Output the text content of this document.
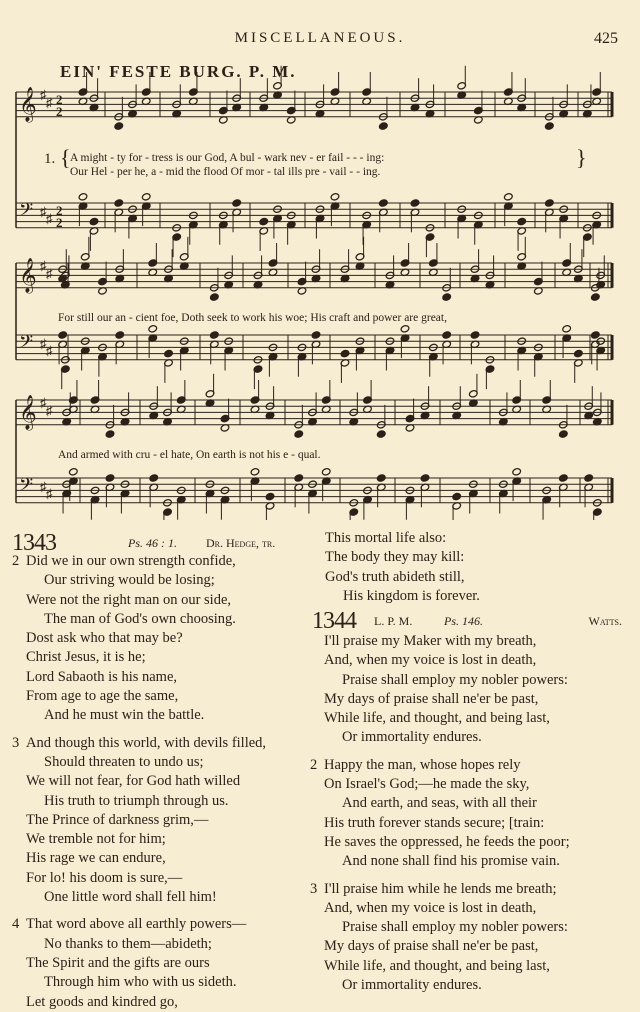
MISCELLANEOUS.	425
EIN' FESTE BURG. P. M.
𝄞 ♯
♯ 2
2
𝄢 ♯ ♯
2
2
𝄞 ♯
♯
𝄢 ♯ ♯
𝄞 ♯
♯
𝄢 ♯ ♯
1. { A might - ty for - tress is our God, A bul - wark nev - er fail - - - ing:
Our Hel - per he, a - mid the flood Of mor - tal ills pre - vail - - ing.
}
For still our an - cient foe, Doth seek to work his woe; His craft and power are great,
And armed with cru - el hate, On earth is not his e - qual.
1343	Ps. 46 : 1. Dr. Hedge, tr.
2 Did we in our own strength confide,
Our striving would be losing;
Were not the right man on our side,
The man of God's own choosing.
Dost ask who that may be?
Christ Jesus, it is he;
Lord Sabaoth is his name,
From age to age the same,
And he must win the battle.
3 And though this world, with devils filled,
Should threaten to undo us;
We will not fear, for God hath willed
His truth to triumph through us.
The Prince of darkness grim,—
We tremble not for him;
His rage we can endure,
For lo! his doom is sure,—
One little word shall fell him!
4 That word above all earthly powers—
No thanks to them—abideth;
The Spirit and the gifts are ours
Through him who with us sideth.
Let goods and kindred go,
This mortal life also:
The body they may kill:
God's truth abideth still,
His kingdom is forever.
1344 L. P. M.	Ps. 146.	Watts.
I'll praise my Maker with my breath,
And, when my voice is lost in death,
Praise shall employ my nobler powers:
My days of praise shall ne'er be past,
While life, and thought, and being last,
Or immortality endures.
2 Happy the man, whose hopes rely
On Israel's God;—he made the sky,
And earth, and seas, with all their
His truth forever stands secure; [train:
He saves the oppressed, he feeds the poor;
And none shall find his promise vain.
3 I'll praise him while he lends me breath;
And, when my voice is lost in death,
Praise shall employ my nobler powers:
My days of praise shall ne'er be past,
While life, and thought, and being last,
Or immortality endures.
